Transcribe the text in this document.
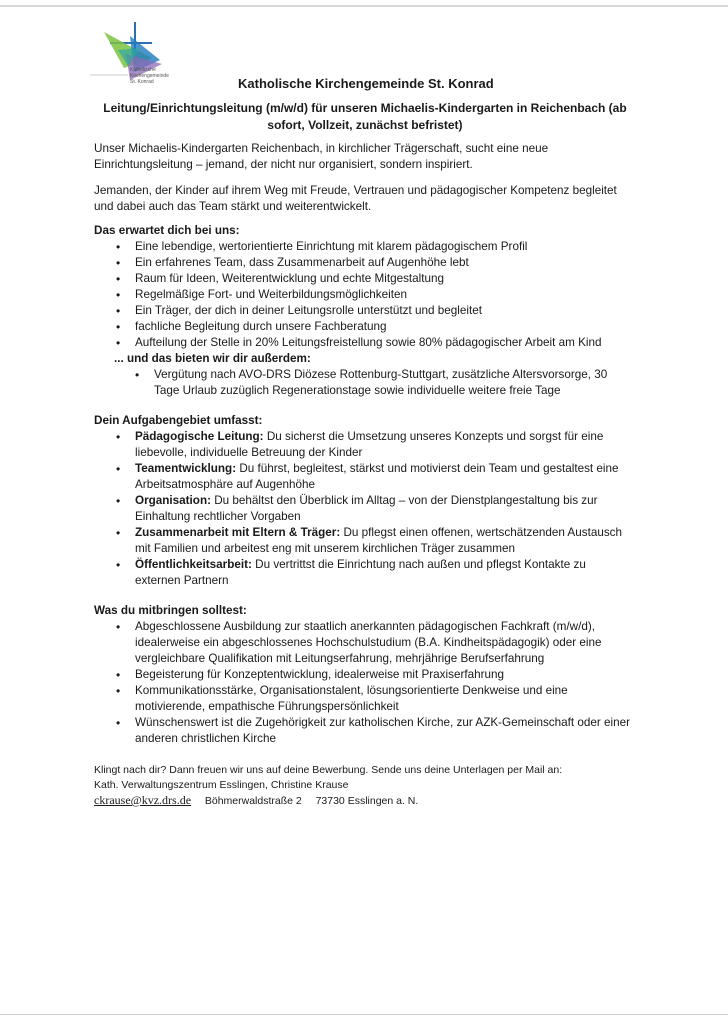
Katholische
Kirchengemeinde
St. Konrad	Katholische Kirchengemeinde St. Konrad
Leitung/Einrichtungsleitung (m/w/d) für unseren Michaelis-Kindergarten in Reichenbach (ab sofort, Vollzeit, zunächst befristet)

Unser Michaelis-Kindergarten Reichenbach, in kirchlicher Trägerschaft, sucht eine neue Einrichtungsleitung – jemand, der nicht nur organisiert, sondern inspiriert.

Jemanden, der Kinder auf ihrem Weg mit Freude, Vertrauen und pädagogischer Kompetenz begleitet und dabei auch das Team stärkt und weiterentwickelt.

Das erwartet dich bei uns:

• Eine lebendige, wertorientierte Einrichtung mit klarem pädagogischem Profil
• Ein erfahrenes Team, dass Zusammenarbeit auf Augenhöhe lebt
• Raum für Ideen, Weiterentwicklung und echte Mitgestaltung
• Regelmäßige Fort- und Weiterbildungsmöglichkeiten
• Ein Träger, der dich in deiner Leitungsrolle unterstützt und begleitet
• fachliche Begleitung durch unsere Fachberatung
• Aufteilung der Stelle in 20% Leitungsfreistellung sowie 80% pädagogischer Arbeit am Kind

... und das bieten wir dir außerdem:

• Vergütung nach AVO-DRS Diözese Rottenburg-Stuttgart, zusätzliche Altersvorsorge, 30 Tage Urlaub zuzüglich Regenerationstage sowie individuelle weitere freie Tage

Dein Aufgabengebiet umfasst:

• Pädagogische Leitung: Du sicherst die Umsetzung unseres Konzepts und sorgst für eine liebevolle, individuelle Betreuung der Kinder
• Teamentwicklung: Du führst, begleitest, stärkst und motivierst dein Team und gestaltest eine Arbeitsatmosphäre auf Augenhöhe
• Organisation: Du behältst den Überblick im Alltag – von der Dienstplangestaltung bis zur Einhaltung rechtlicher Vorgaben
• Zusammenarbeit mit Eltern & Träger: Du pflegst einen offenen, wertschätzenden Austausch mit Familien und arbeitest eng mit unserem kirchlichen Träger zusammen
• Öffentlichkeitsarbeit: Du vertrittst die Einrichtung nach außen und pflegst Kontakte zu externen Partnern

Was du mitbringen solltest:

• Abgeschlossene Ausbildung zur staatlich anerkannten pädagogischen Fachkraft (m/w/d), idealerweise ein abgeschlossenes Hochschulstudium (B.A. Kindheitspädagogik) oder eine vergleichbare Qualifikation mit Leitungserfahrung, mehrjährige Berufserfahrung
• Begeisterung für Konzeptentwicklung, idealerweise mit Praxiserfahrung
• Kommunikationsstärke, Organisationstalent, lösungsorientierte Denkweise und eine motivierende, empathische Führungspersönlichkeit
• Wünschenswert ist die Zugehörigkeit zur katholischen Kirche, zur AZK-Gemeinschaft oder einer anderen christlichen Kirche
Klingt nach dir? Dann freuen wir uns auf deine Bewerbung. Sende uns deine Unterlagen per Mail an:
Kath. Verwaltungszentrum Esslingen, Christine Krause
ckrause@kvz.drs.de Böhmerwaldstraße 2 73730 Esslingen a. N.
